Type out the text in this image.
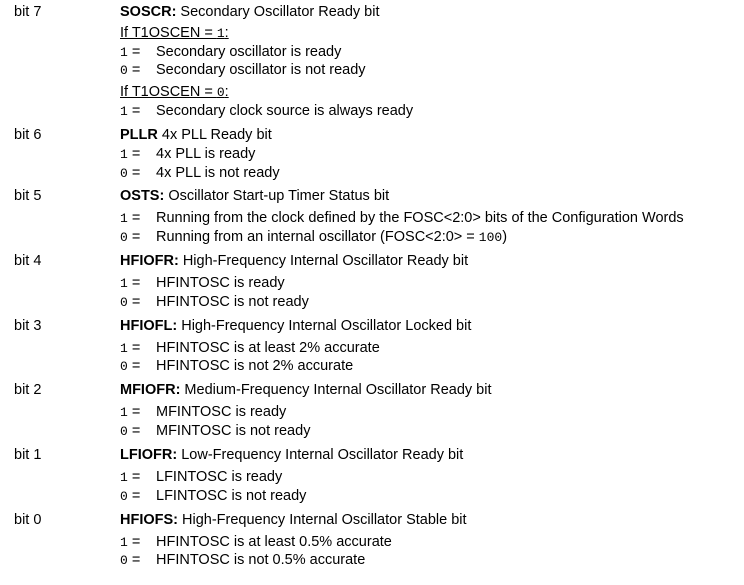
bit 7	SOSCR: Secondary Oscillator Ready bit
If T1OSCEN = 1:
1 = Secondary oscillator is ready
0 = Secondary oscillator is not ready
If T1OSCEN = 0:
1 = Secondary clock source is always ready
bit 6	PLLR 4x PLL Ready bit
1 = 4x PLL is ready
0 = 4x PLL is not ready
bit 5	OSTS: Oscillator Start-up Timer Status bit
1 = Running from the clock defined by the FOSC<2:0> bits of the Configuration Words
0 = Running from an internal oscillator (FOSC<2:0> = 100)
bit 4	HFIOFR: High-Frequency Internal Oscillator Ready bit
1 = HFINTOSC is ready
0 = HFINTOSC is not ready
bit 3	HFIOFL: High-Frequency Internal Oscillator Locked bit
1 = HFINTOSC is at least 2% accurate
0 = HFINTOSC is not 2% accurate
bit 2	MFIOFR: Medium-Frequency Internal Oscillator Ready bit
1 = MFINTOSC is ready
0 = MFINTOSC is not ready
bit 1	LFIOFR: Low-Frequency Internal Oscillator Ready bit
1 = LFINTOSC is ready
0 = LFINTOSC is not ready
bit 0	HFIOFS: High-Frequency Internal Oscillator Stable bit
1 = HFINTOSC is at least 0.5% accurate
0 = HFINTOSC is not 0.5% accurate
